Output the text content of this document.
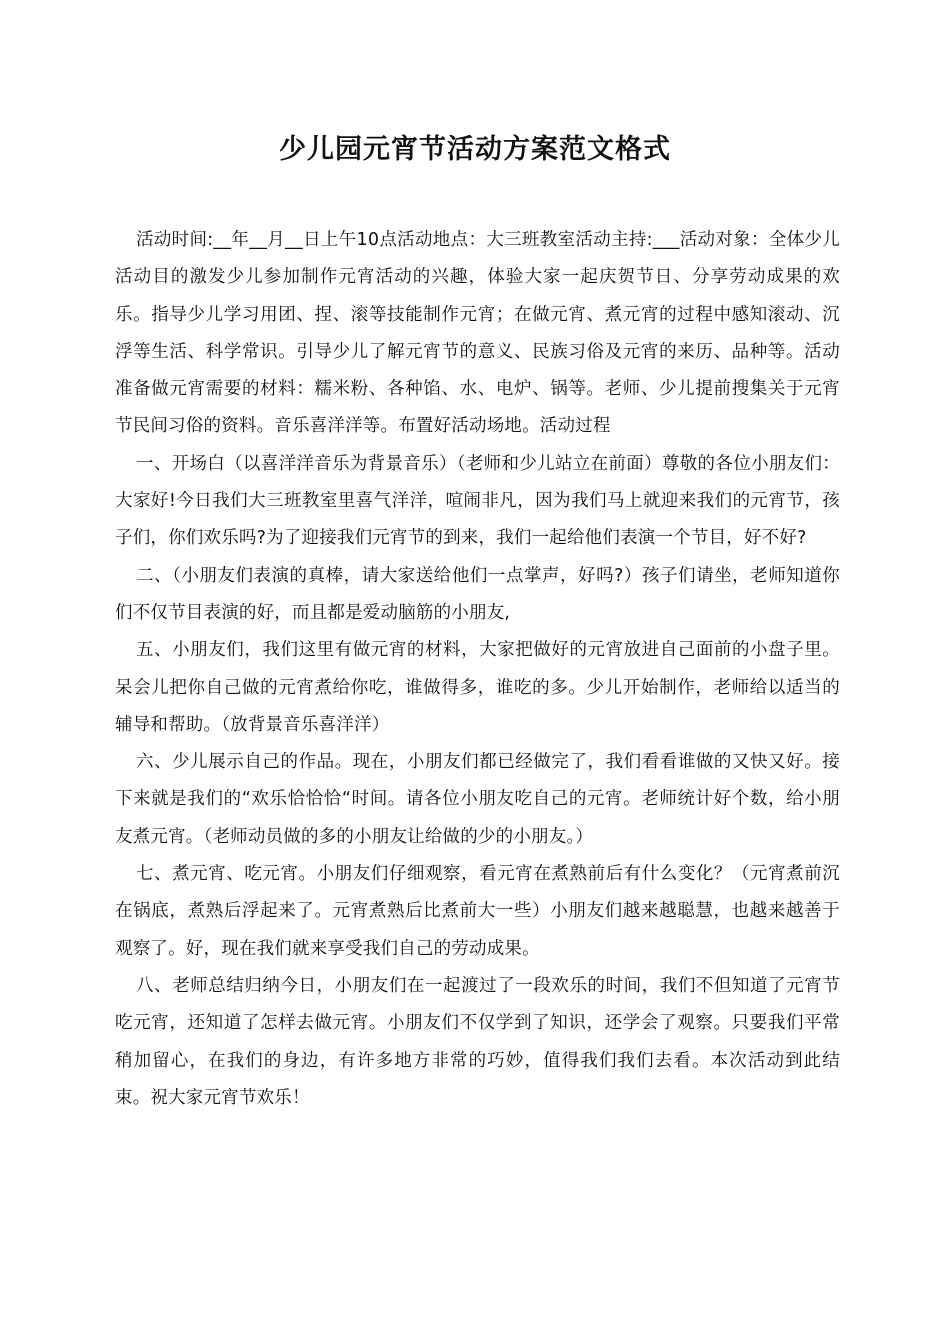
少儿园元宵节活动方案范文格式

活动时间:__年__月__日上午10点活动地点：大三班教室活动主持:___活动对象：全体少儿活动目的激发少儿参加制作元宵活动的兴趣，体验大家一起庆贺节日、分享劳动成果的欢乐。指导少儿学习用团、捏、滚等技能制作元宵；在做元宵、煮元宵的过程中感知滚动、沉浮等生活、科学常识。引导少儿了解元宵节的意义、民族习俗及元宵的来历、品种等。活动准备做元宵需要的材料：糯米粉、各种馅、水、电炉、锅等。老师、少儿提前搜集关于元宵节民间习俗的资料。音乐喜洋洋等。布置好活动场地。活动过程

一、开场白（以喜洋洋音乐为背景音乐）（老师和少儿站立在前面）尊敬的各位小朋友们：大家好!今日我们大三班教室里喜气洋洋，喧闹非凡，因为我们马上就迎来我们的元宵节，孩子们，你们欢乐吗?为了迎接我们元宵节的到来，我们一起给他们表演一个节目，好不好?

二、（小朋友们表演的真棒，请大家送给他们一点掌声，好吗?）孩子们请坐，老师知道你们不仅节目表演的好，而且都是爱动脑筋的小朋友,

五、小朋友们，我们这里有做元宵的材料，大家把做好的元宵放进自己面前的小盘子里。呆会儿把你自己做的元宵煮给你吃，谁做得多，谁吃的多。少儿开始制作，老师给以适当的辅导和帮助。（放背景音乐喜洋洋）

六、少儿展示自己的作品。现在，小朋友们都已经做完了，我们看看谁做的又快又好。接下来就是我们的“欢乐恰恰恰“时间。请各位小朋友吃自己的元宵。老师统计好个数，给小朋友煮元宵。（老师动员做的多的小朋友让给做的少的小朋友。）

七、煮元宵、吃元宵。小朋友们仔细观察，看元宵在煮熟前后有什么变化？（元宵煮前沉在锅底，煮熟后浮起来了。元宵煮熟后比煮前大一些）小朋友们越来越聪慧，也越来越善于观察了。好，现在我们就来享受我们自己的劳动成果。

八、老师总结归纳今日，小朋友们在一起渡过了一段欢乐的时间，我们不但知道了元宵节吃元宵，还知道了怎样去做元宵。小朋友们不仅学到了知识，还学会了观察。只要我们平常稍加留心，在我们的身边，有许多地方非常的巧妙，值得我们我们去看。本次活动到此结束。祝大家元宵节欢乐！
